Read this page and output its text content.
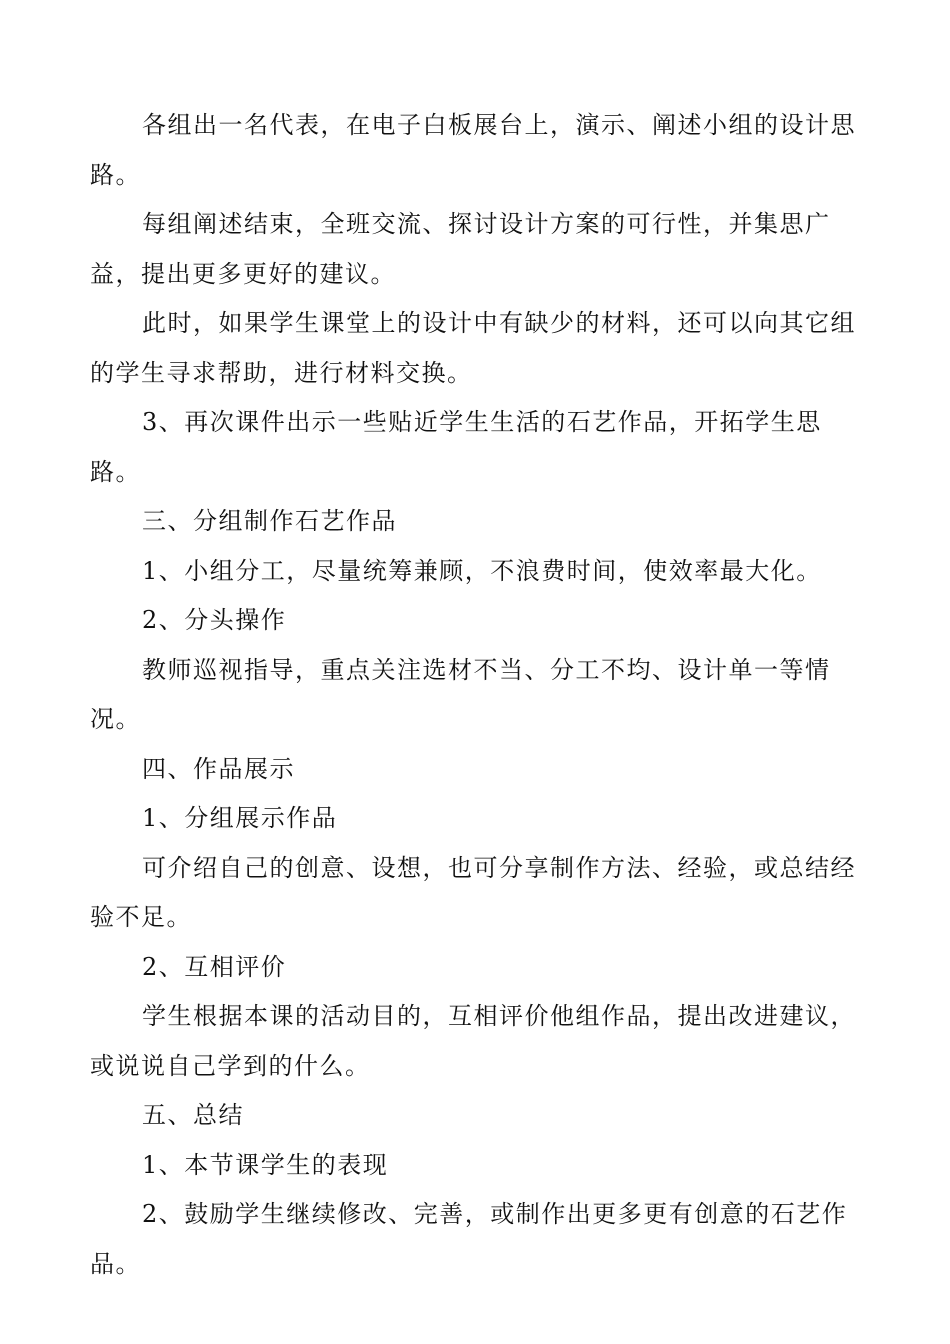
各组出一名代表，在电子白板展台上，演示、阐述小组的设计思路。

每组阐述结束，全班交流、探讨设计方案的可行性，并集思广益，提出更多更好的建议。

此时，如果学生课堂上的设计中有缺少的材料，还可以向其它组的学生寻求帮助，进行材料交换。

3、再次课件出示一些贴近学生生活的石艺作品，开拓学生思路。

三、分组制作石艺作品

1、小组分工，尽量统筹兼顾，不浪费时间，使效率最大化。

2、分头操作

教师巡视指导，重点关注选材不当、分工不均、设计单一等情况。

四、作品展示

1、分组展示作品

可介绍自己的创意、设想，也可分享制作方法、经验，或总结经验不足。

2、互相评价

学生根据本课的活动目的，互相评价他组作品，提出改进建议，或说说自己学到的什么。

五、总结

1、本节课学生的表现

2、鼓励学生继续修改、完善，或制作出更多更有创意的石艺作品。
